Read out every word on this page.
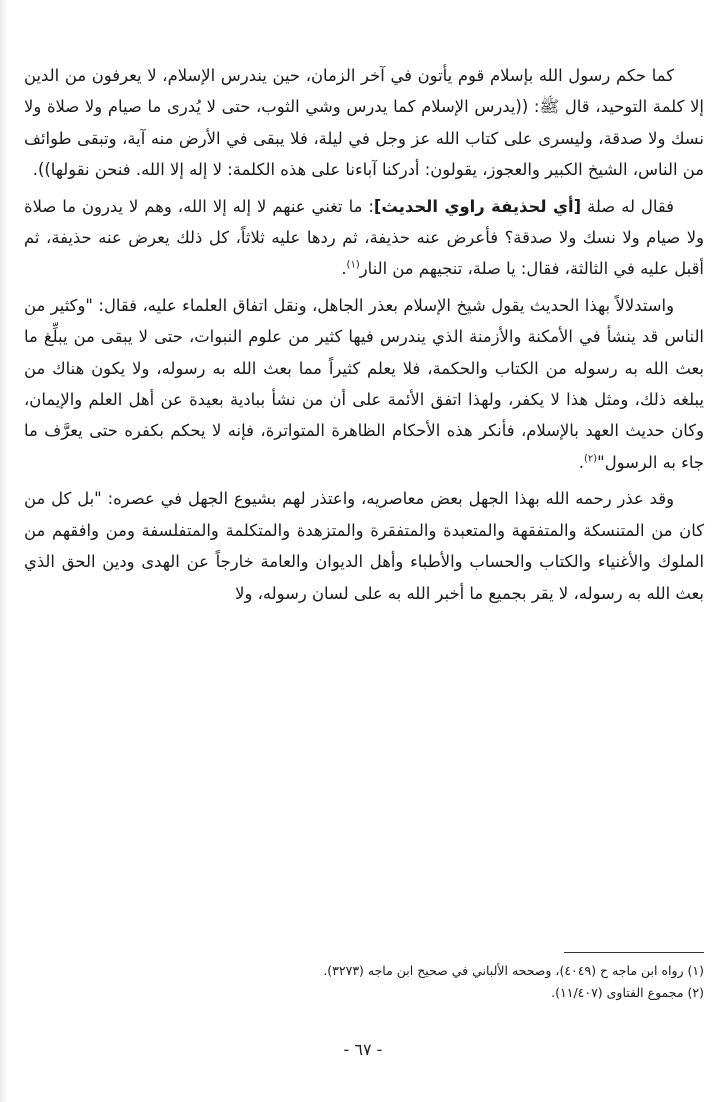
كما حكم رسول الله بإسلام قوم يأتون في آخر الزمان، حين يندرس الإسلام، لا يعرفون من الدين إلا كلمة التوحيد، قال ﷺ: ((يدرس الإسلام كما يدرس وشي الثوب، حتى لا يُدرى ما صيام ولا صلاة ولا نسك ولا صدقة، وليسرى على كتاب الله عز وجل في ليلة، فلا يبقى في الأرض منه آية، وتبقى طوائف من الناس، الشيخ الكبير والعجوز، يقولون: أدركنا آباءنا على هذه الكلمة: لا إله إلا الله. فنحن نقولها)).

فقال له صلة [أي لحذيفة راوي الحديث]: ما تغني عنهم لا إله إلا الله، وهم لا يدرون ما صلاة ولا صيام ولا نسك ولا صدقة؟ فأعرض عنه حذيفة، ثم ردها عليه ثلاثاً، كل ذلك يعرض عنه حذيفة، ثم أقبل عليه في الثالثة، فقال: يا صلة، تنجيهم من النار$^{(١)}$.

واستدلالاً بهذا الحديث يقول شيخ الإسلام بعذر الجاهل، ونقل اتفاق العلماء عليه، فقال: "وكثير من الناس قد ينشأ في الأمكنة والأزمنة الذي يندرس فيها كثير من علوم النبوات، حتى لا يبقى من يبلِّغ ما بعث الله به رسوله من الكتاب والحكمة، فلا يعلم كثيراً مما بعث الله به رسوله، ولا يكون هناك من يبلغه ذلك، ومثل هذا لا يكفر، ولهذا اتفق الأئمة على أن من نشأ ببادية بعيدة عن أهل العلم والإيمان، وكان حديث العهد بالإسلام، فأنكر هذه الأحكام الظاهرة المتواترة، فإنه لا يحكم بكفره حتى يعرَّف ما جاء به الرسول"$^{(٢)}$.

وقد عذر رحمه الله بهذا الجهل بعض معاصريه، واعتذر لهم بشيوع الجهل في عصره: "بل كل من كان من المتنسكة والمتفقهة والمتعبدة والمتفقرة والمتزهدة والمتكلمة والمتفلسفة ومن وافقهم من الملوك والأغنياء والكتاب والحساب والأطباء وأهل الديوان والعامة خارجاً عن الهدى ودين الحق الذي بعث الله به رسوله، لا يقر بجميع ما أخبر الله به على لسان رسوله، ولا

(١) رواه ابن ماجه ح (٤٠٤٩)، وصححه الألباني في صحيح ابن ماجه (٣٢٧٣).

(٢) مجموع الفتاوى (١١/٤٠٧).

- ٦٧ -
